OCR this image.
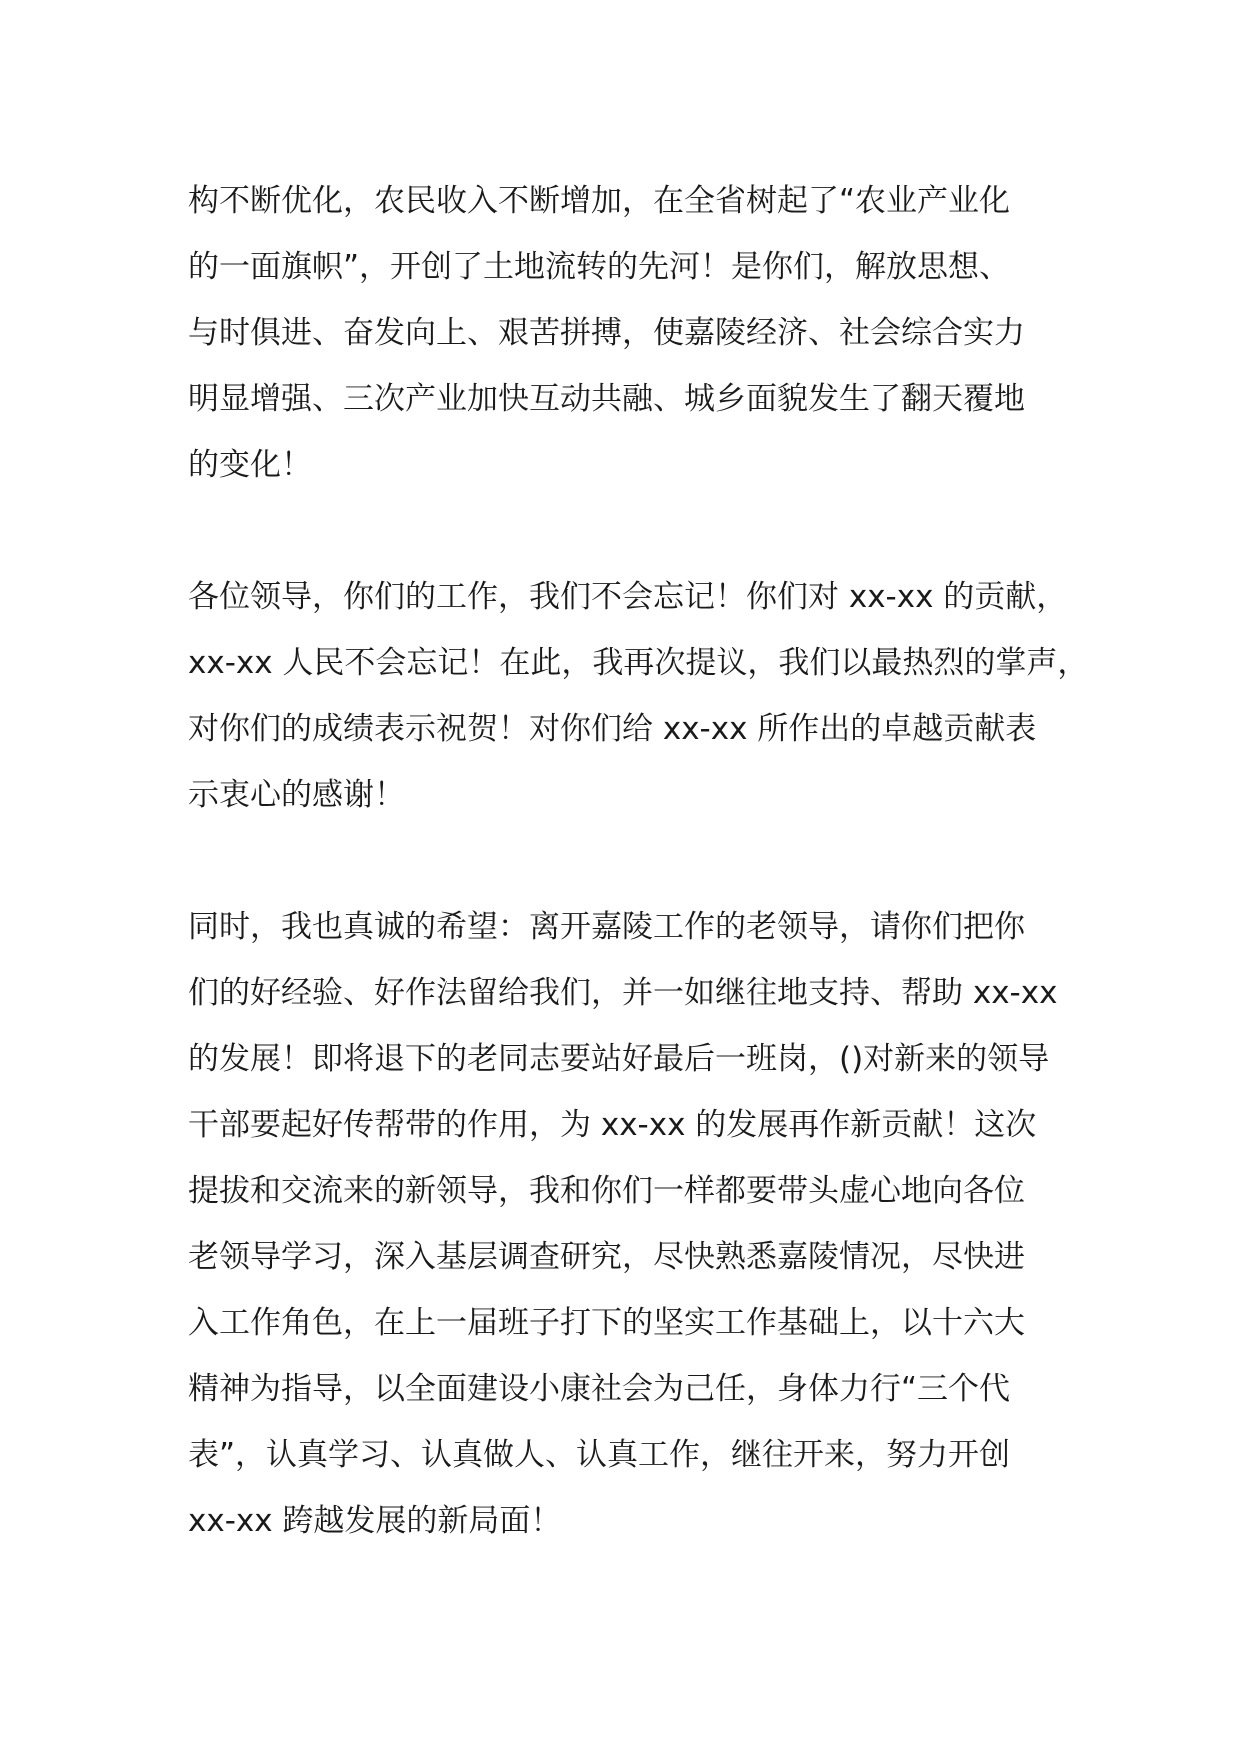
构不断优化，农民收入不断增加，在全省树起了“农业产业化
的一面旗帜”，开创了土地流转的先河！是你们，解放思想、
与时俱进、奋发向上、艰苦拼搏，使嘉陵经济、社会综合实力
明显增强、三次产业加快互动共融、城乡面貌发生了翻天覆地
的变化！
各位领导，你们的工作，我们不会忘记！你们对 xx-xx 的贡献，
xx-xx 人民不会忘记！在此，我再次提议，我们以最热烈的掌声，
对你们的成绩表示祝贺！对你们给 xx-xx 所作出的卓越贡献表
示衷心的感谢！
同时，我也真诚的希望：离开嘉陵工作的老领导，请你们把你
们的好经验、好作法留给我们，并一如继往地支持、帮助 xx-xx
的发展！即将退下的老同志要站好最后一班岗，()对新来的领导
干部要起好传帮带的作用，为 xx-xx 的发展再作新贡献！这次
提拔和交流来的新领导，我和你们一样都要带头虚心地向各位
老领导学习，深入基层调查研究，尽快熟悉嘉陵情况，尽快进
入工作角色，在上一届班子打下的坚实工作基础上，以十六大
精神为指导，以全面建设小康社会为己任，身体力行“三个代
表”，认真学习、认真做人、认真工作，继往开来，努力开创
xx-xx 跨越发展的新局面！
